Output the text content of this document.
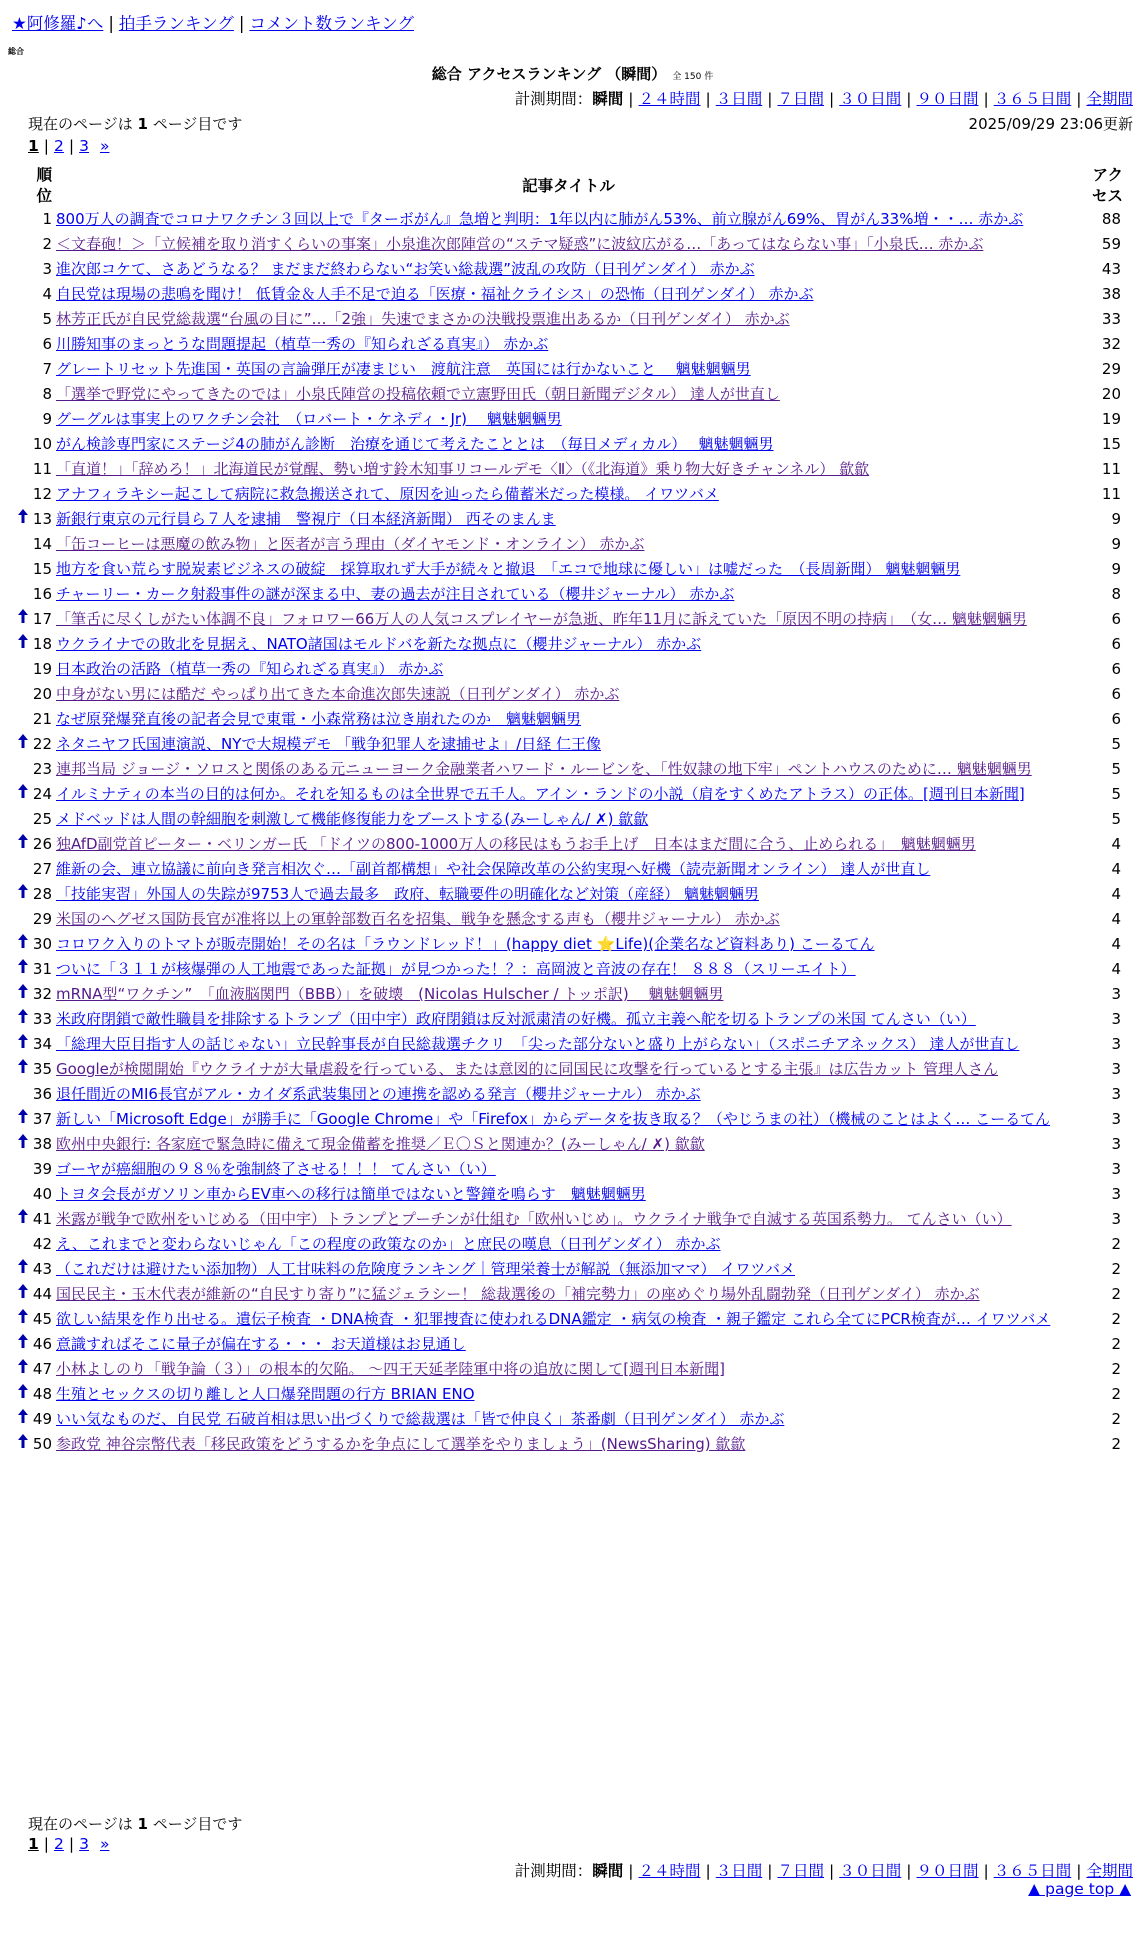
★阿修羅♪へ | 拍手ランキング | コメント数ランキング
総合
総合 アクセスランキング （瞬間） 全 150 件
計測期間：瞬間 | ２４時間 | ３日間 | ７日間 | ３０日間 | ９０日間 | ３６５日間 | 全期間
現在のページは 1 ページ目です	2025/09/29 23:06更新
1 | 2 | 3 »
順
位		記事タイトル	アク
セス
	1	800万人の調査でコロナワクチン３回以上で『ターボがん』急増と判明：1年以内に肺がん53%、前立腺がん69%、胃がん33%増・・… 赤かぶ	88
	2	＜文春砲！＞「立候補を取り消すくらいの事案」小泉進次郎陣営の“ステマ疑惑”に波紋広がる…「あってはならない事」「小泉氏… 赤かぶ	59
	3	進次郎コケて、さあどうなる？ まだまだ終わらない“お笑い総裁選”波乱の攻防（日刊ゲンダイ） 赤かぶ	43
	4	自民党は現場の悲鳴を聞け！ 低賃金＆人手不足で迫る「医療・福祉クライシス」の恐怖（日刊ゲンダイ） 赤かぶ	38
	5	林芳正氏が自民党総裁選“台風の目に”…「2強」失速でまさかの決戦投票進出あるか（日刊ゲンダイ） 赤かぶ	33
	6	川勝知事のまっとうな問題提起（植草一秀の『知られざる真実』） 赤かぶ	32
	7	グレートリセット先進国・英国の言論弾圧が凄まじい　渡航注意　英国には行かないこと　 魑魅魍魎男	29
	8	「選挙で野党にやってきたのでは」小泉氏陣営の投稿依頼で立憲野田氏（朝日新聞デジタル） 達人が世直し	20
	9	グーグルは事実上のワクチン会社　（ロバート・ケネディ・Jr)　 魑魅魍魎男	19
	10	がん検診専門家にステージ4の肺がん診断　治療を通じて考えたこととは　（毎日メディカル）　 魑魅魍魎男	15
	11	「直道！」「辞めろ！」北海道民が覚醒、勢い増す鈴木知事リコールデモ〈Ⅱ〉（《北海道》乗り物大好きチャンネル） 歙歙	11
	12	アナフィラキシー起こして病院に救急搬送されて、原因を辿ったら備蓄米だった模様。 イワツバメ	11
	13	新銀行東京の元行員ら７人を逮捕　警視庁（日本経済新聞） 西そのまんま	9
	14	「缶コーヒーは悪魔の飲み物」と医者が言う理由（ダイヤモンド・オンライン） 赤かぶ	9
	15	地方を食い荒らす脱炭素ビジネスの破綻　採算取れず大手が続々と撤退　「エコで地球に優しい」は嘘だった　（長周新聞） 魑魅魍魎男	9
	16	チャーリー・カーク射殺事件の謎が深まる中、妻の過去が注目されている（櫻井ジャーナル） 赤かぶ	8
	17	「筆舌に尽くしがたい体調不良」フォロワー66万人の人気コスプレイヤーが急逝、昨年11月に訴えていた「原因不明の持病」　（女… 魑魅魍魎男	6
	18	ウクライナでの敗北を見据え、NATO諸国はモルドバを新たな拠点に（櫻井ジャーナル） 赤かぶ	6
	19	日本政治の活路（植草一秀の『知られざる真実』） 赤かぶ	6
	20	中身がない男には酷だ やっぱり出てきた本命進次郎失速説（日刊ゲンダイ） 赤かぶ	6
	21	なぜ原発爆発直後の記者会見で東電・小森常務は泣き崩れたのか　魑魅魍魎男	6
	22	ネタニヤフ氏国連演説、NYで大規模デモ 「戦争犯罪人を逮捕せよ」/日経 仁王像	5
	23	連邦当局 ジョージ・ソロスと関係のある元ニューヨーク金融業者ハワード・ルービンを、「性奴隷の地下牢」ペントハウスのために… 魑魅魍魎男	5
	24	イルミナティの本当の目的は何か。それを知るものは全世界で五千人。アイン・ランドの小説（肩をすくめたアトラス）の正体。[週刊日本新聞]	5
	25	メドベッドは人間の幹細胞を刺激して機能修復能力をブーストする(みーしゃん/ ✗) 歙歙	5
	26	独AfD副党首ピーター・ベリンガー氏 「ドイツの800-1000万人の移民はもうお手上げ　日本はまだ間に合う、止められる」　魑魅魍魎男	4
	27	維新の会、連立協議に前向き発言相次ぐ…「副首都構想」や社会保障改革の公約実現へ好機（読売新聞オンライン） 達人が世直し	4
	28	「技能実習」外国人の失踪が9753人で過去最多　政府、転職要件の明確化など対策（産経） 魑魅魍魎男	4
	29	米国のヘグゼス国防長官が准将以上の軍幹部数百名を招集、戦争を懸念する声も（櫻井ジャーナル） 赤かぶ	4
	30	コロワク入りのトマトが販売開始！その名は「ラウンドレッド！」(happy diet ⭐Life)(企業名など資料あり) こーるてん	4
	31	ついに「３１１が核爆弾の人工地震であった証拠」が見つかった！？：高岡波と音波の存在！ ８８８（スリーエイト）	4
	32	mRNA型“ワクチン”　「血液脳関門（BBB）」を破壊　(Nicolas Hulscher / トッポ訳)　 魑魅魍魎男	3
	33	米政府閉鎖で敵性職員を排除するトランプ（田中宇）政府閉鎖は反対派粛清の好機。孤立主義へ舵を切るトランプの米国 てんさい（い）	3
	34	「総理大臣目指す人の話じゃない」立民幹事長が自民総裁選チクリ　「尖った部分ないと盛り上がらない」（スポニチアネックス） 達人が世直し	3
	35	Googleが検閲開始『ウクライナが大量虐殺を行っている、または意図的に同国民に攻撃を行っているとする主張』は広告カット 管理人さん	3
	36	退任間近のMI6長官がアル・カイダ系武装集団との連携を認める発言（櫻井ジャーナル） 赤かぶ	3
	37	新しい「Microsoft Edge」が勝手に「Google Chrome」や「Firefox」からデータを抜き取る？（やじうまの社）（機械のことはよく… こーるてん	3
	38	欧州中央銀行: 各家庭で緊急時に備えて現金備蓄を推奨／Ｅ〇Ｓと関連か？(みーしゃん/ ✗) 歙歙	3
	39	ゴーヤが癌細胞の９８％を強制終了させる！！！ てんさい（い）	3
	40	トヨタ会長がガソリン車からEV車への移行は簡単ではないと警鐘を鳴らす　魑魅魍魎男	3
	41	米露が戦争で欧州をいじめる（田中宇）トランプとプーチンが仕組む「欧州いじめ」。ウクライナ戦争で自滅する英国系勢力。 てんさい（い）	3
	42	え、これまでと変わらないじゃん「この程度の政策なのか」と庶民の嘆息（日刊ゲンダイ） 赤かぶ	2
	43	（これだけは避けたい添加物）人工甘味料の危険度ランキング｜管理栄養士が解説（無添加ママ） イワツバメ	2
	44	国民民主・玉木代表が維新の“自民すり寄り”に猛ジェラシー！ 総裁選後の「補完勢力」の座めぐり場外乱闘勃発（日刊ゲンダイ） 赤かぶ	2
	45	欲しい結果を作り出せる。遺伝子検査 ・DNA検査 ・犯罪捜査に使われるDNA鑑定 ・病気の検査 ・親子鑑定 これら全てにPCR検査が… イワツバメ	2
	46	意識すればそこに量子が偏在する・・・ お天道様はお見通し	2
	47	小林よしのり「戦争論（３）」の根本的欠陥。 ～四王天延孝陸軍中将の追放に関して[週刊日本新聞]	2
	48	生殖とセックスの切り離しと人口爆発問題の行方 BRIAN ENO	2
	49	いい気なものだ、自民党 石破首相は思い出づくりで総裁選は「皆で仲良く」茶番劇（日刊ゲンダイ） 赤かぶ	2
	50	参政党 神谷宗幣代表「移民政策をどうするかを争点にして選挙をやりましょう」(NewsSharing) 歙歙	2
現在のページは 1 ページ目です
1 | 2 | 3 »
計測期間：瞬間 | ２４時間 | ３日間 | ７日間 | ３０日間 | ９０日間 | ３６５日間 | 全期間
▲ page top ▲
